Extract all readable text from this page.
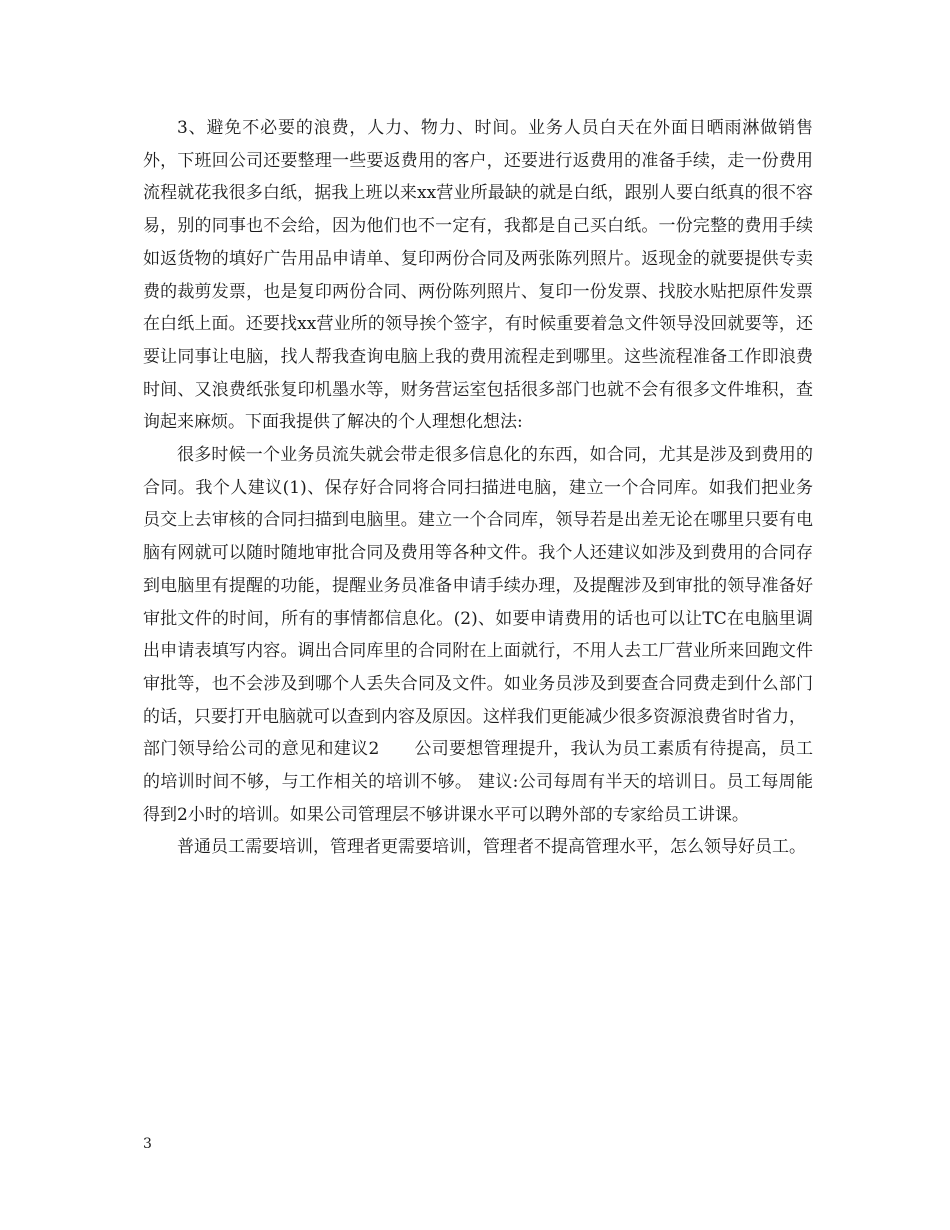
3、避免不必要的浪费，人力、物力、时间。业务人员白天在外面日晒雨淋做销售外，下班回公司还要整理一些要返费用的客户，还要进行返费用的准备手续，走一份费用流程就花我很多白纸，据我上班以来xx营业所最缺的就是白纸，跟别人要白纸真的很不容易，别的同事也不会给，因为他们也不一定有，我都是自己买白纸。一份完整的费用手续如返货物的填好广告用品申请单、复印两份合同及两张陈列照片。返现金的就要提供专卖费的裁剪发票，也是复印两份合同、两份陈列照片、复印一份发票、找胶水贴把原件发票在白纸上面。还要找xx营业所的领导挨个签字，有时候重要着急文件领导没回就要等，还要让同事让电脑，找人帮我查询电脑上我的费用流程走到哪里。这些流程准备工作即浪费时间、又浪费纸张复印机墨水等，财务营运室包括很多部门也就不会有很多文件堆积，查询起来麻烦。下面我提供了解决的个人理想化想法:

很多时候一个业务员流失就会带走很多信息化的东西，如合同，尤其是涉及到费用的合同。我个人建议(1)、保存好合同将合同扫描进电脑，建立一个合同库。如我们把业务员交上去审核的合同扫描到电脑里。建立一个合同库，领导若是出差无论在哪里只要有电脑有网就可以随时随地审批合同及费用等各种文件。我个人还建议如涉及到费用的合同存到电脑里有提醒的功能，提醒业务员准备申请手续办理，及提醒涉及到审批的领导准备好审批文件的时间，所有的事情都信息化。(2)、如要申请费用的话也可以让TC在电脑里调出申请表填写内容。调出合同库里的合同附在上面就行，不用人去工厂营业所来回跑文件审批等，也不会涉及到哪个人丢失合同及文件。如业务员涉及到要查合同费走到什么部门的话，只要打开电脑就可以查到内容及原因。这样我们更能减少很多资源浪费省时省力，

部门领导给公司的意见和建议2　　公司要想管理提升，我认为员工素质有待提高，员工的培训时间不够，与工作相关的培训不够。 建议:公司每周有半天的培训日。员工每周能得到2小时的培训。如果公司管理层不够讲课水平可以聘外部的专家给员工讲课。

普通员工需要培训，管理者更需要培训，管理者不提高管理水平，怎么领导好员工。

3
